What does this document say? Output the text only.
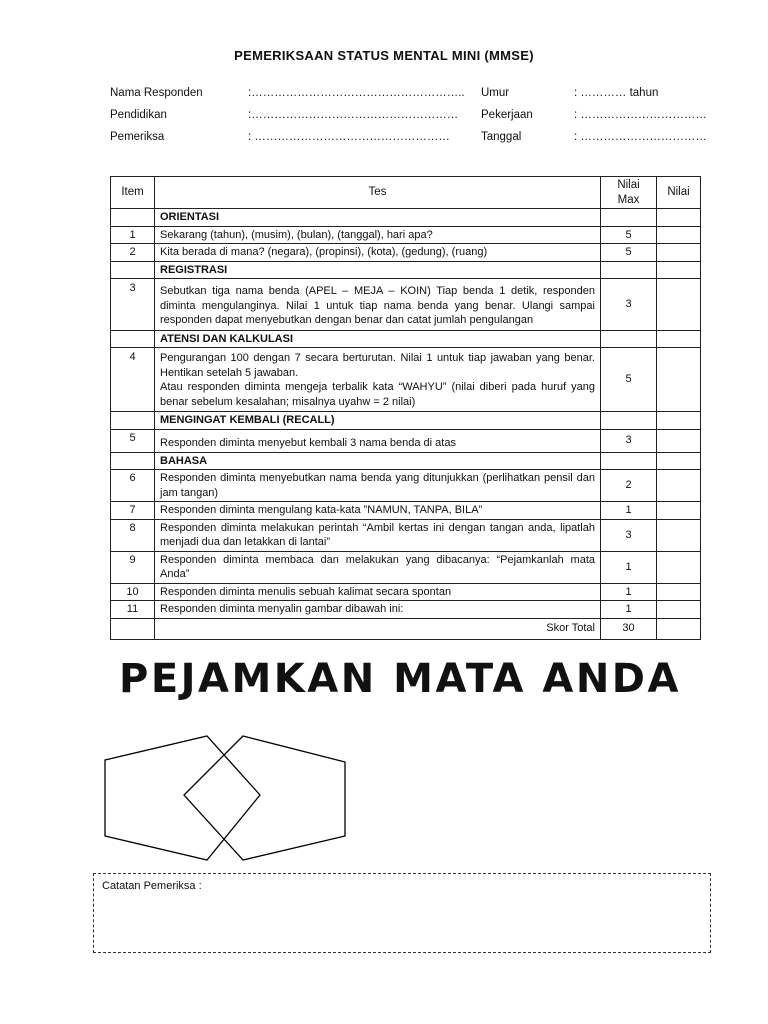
PEMERIKSAAN STATUS MENTAL MINI (MMSE)
Nama Responden	:………………………………………………..
Pendidikan	:………………………………………………
Pemeriksa	: ……………………………………………
Umur	: ………… tahun
Pekerjaan	: ……………………………
Tanggal	: ……………………………
Item	Tes	Nilai Max	Nilai
	ORIENTASI		
1	Sekarang (tahun), (musim), (bulan), (tanggal), hari apa?	5	
2	Kita berada di mana? (negara), (propinsi), (kota), (gedung), (ruang)	5	
	REGISTRASI		
3	Sebutkan tiga nama benda (APEL – MEJA – KOIN) Tiap benda 1 detik, responden diminta mengulanginya. Nilai 1 untuk tiap nama benda yang benar. Ulangi sampai responden dapat menyebutkan dengan benar dan catat jumlah pengulangan	3	
	ATENSI DAN KALKULASI		
4	Pengurangan 100 dengan 7 secara berturutan. Nilai 1 untuk tiap jawaban yang benar. Hentikan setelah 5 jawaban.
Atau responden diminta mengeja terbalik kata “WAHYU” (nilai diberi pada huruf yang benar sebelum kesalahan; misalnya uyahw = 2 nilai)	5	
	MENGINGAT KEMBALI (RECALL)		
5	Responden diminta menyebut kembali 3 nama benda di atas	3	
	BAHASA		
6	Responden diminta menyebutkan nama benda yang ditunjukkan (perlihatkan pensil dan jam tangan)	2	
7	Responden diminta mengulang kata-kata ”NAMUN, TANPA, BILA”	1	
8	Responden diminta melakukan perintah “Ambil kertas ini dengan tangan anda, lipatlah menjadi dua dan letakkan di lantai”	3	
9	Responden diminta membaca dan melakukan yang dibacanya: “Pejamkanlah mata Anda”	1	
10	Responden diminta menulis sebuah kalimat secara spontan	1	
11	Responden diminta menyalin gambar dibawah ini:	1	
	Skor Total	30	
PEJAMKAN MATA ANDA
Catatan Pemeriksa :
